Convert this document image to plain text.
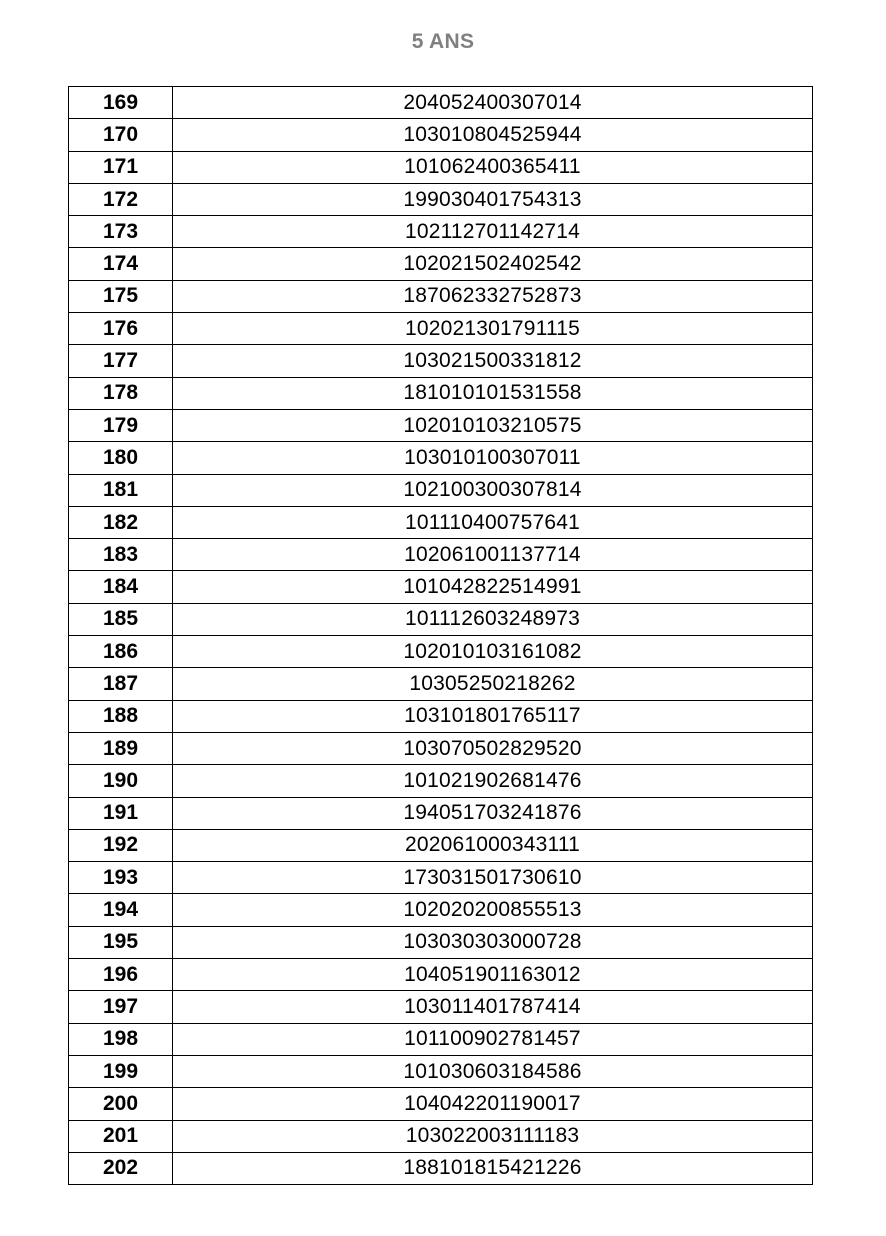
5 ANS
169	204052400307014
170	103010804525944
171	101062400365411
172	199030401754313
173	102112701142714
174	102021502402542
175	187062332752873
176	102021301791115
177	103021500331812
178	181010101531558
179	102010103210575
180	103010100307011
181	102100300307814
182	101110400757641
183	102061001137714
184	101042822514991
185	101112603248973
186	102010103161082
187	10305250218262
188	103101801765117
189	103070502829520
190	101021902681476
191	194051703241876
192	202061000343111
193	173031501730610
194	102020200855513
195	103030303000728
196	104051901163012
197	103011401787414
198	101100902781457
199	101030603184586
200	104042201190017
201	103022003111183
202	188101815421226
